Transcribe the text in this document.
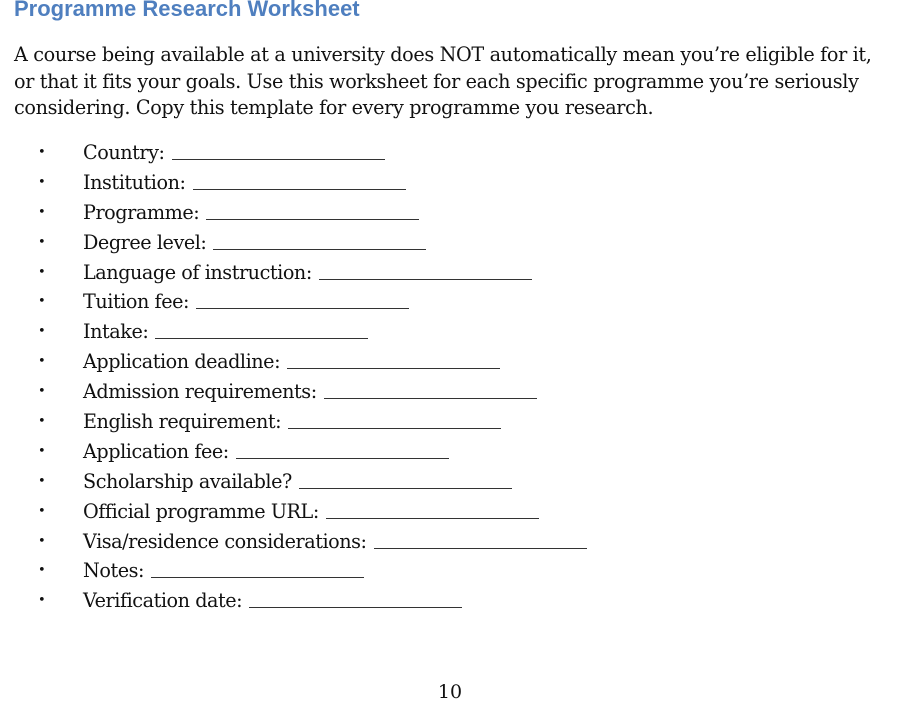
Programme Research Worksheet

A course being available at a university does NOT automatically mean you’re eligible for it, or that it fits your goals. Use this worksheet for each specific programme you’re seriously considering. Copy this template for every programme you research.

• Country:
• Institution:
• Programme:
• Degree level:
• Language of instruction:
• Tuition fee:
• Intake:
• Application deadline:
• Admission requirements:
• English requirement:
• Application fee:
• Scholarship available?
• Official programme URL:
• Visa/residence considerations:
• Notes:
• Verification date:
10
